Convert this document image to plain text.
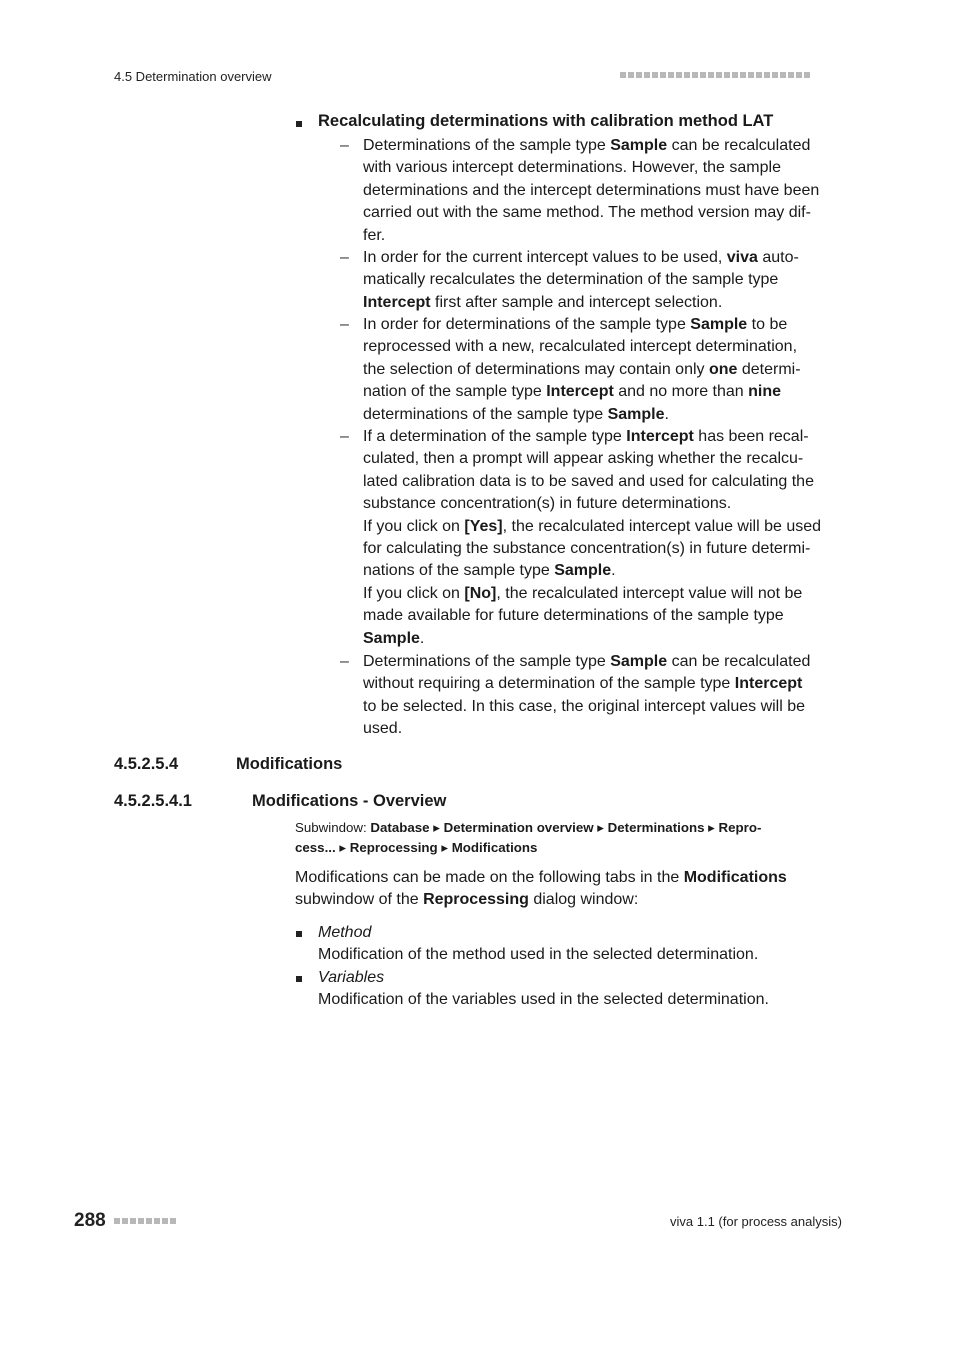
4.5 Determination overview
Recalculating determinations with calibration method LAT
– Determinations of the sample type Sample can be recalculated
with various intercept determinations. However, the sample
determinations and the intercept determinations must have been
carried out with the same method. The method version may dif-
fer.
– In order for the current intercept values to be used, viva auto-
matically recalculates the determination of the sample type
Intercept first after sample and intercept selection.
– In order for determinations of the sample type Sample to be
reprocessed with a new, recalculated intercept determination,
the selection of determinations may contain only one determi-
nation of the sample type Intercept and no more than nine
determinations of the sample type Sample.
– If a determination of the sample type Intercept has been recal-
culated, then a prompt will appear asking whether the recalcu-
lated calibration data is to be saved and used for calculating the
substance concentration(s) in future determinations.
If you click on [Yes], the recalculated intercept value will be used
for calculating the substance concentration(s) in future determi-
nations of the sample type Sample.
If you click on [No], the recalculated intercept value will not be
made available for future determinations of the sample type
Sample.
– Determinations of the sample type Sample can be recalculated
without requiring a determination of the sample type Intercept
to be selected. In this case, the original intercept values will be
used.
4.5.2.5.4	Modifications
4.5.2.5.4.1	Modifications - Overview
Subwindow: Database ▸ Determination overview ▸ Determinations ▸ Repro-
cess... ▸ Reprocessing ▸ Modifications
Modifications can be made on the following tabs in the Modifications
subwindow of the Reprocessing dialog window:
Method
Modification of the method used in the selected determination.
Variables
Modification of the variables used in the selected determination.
288	viva 1.1 (for process analysis)
